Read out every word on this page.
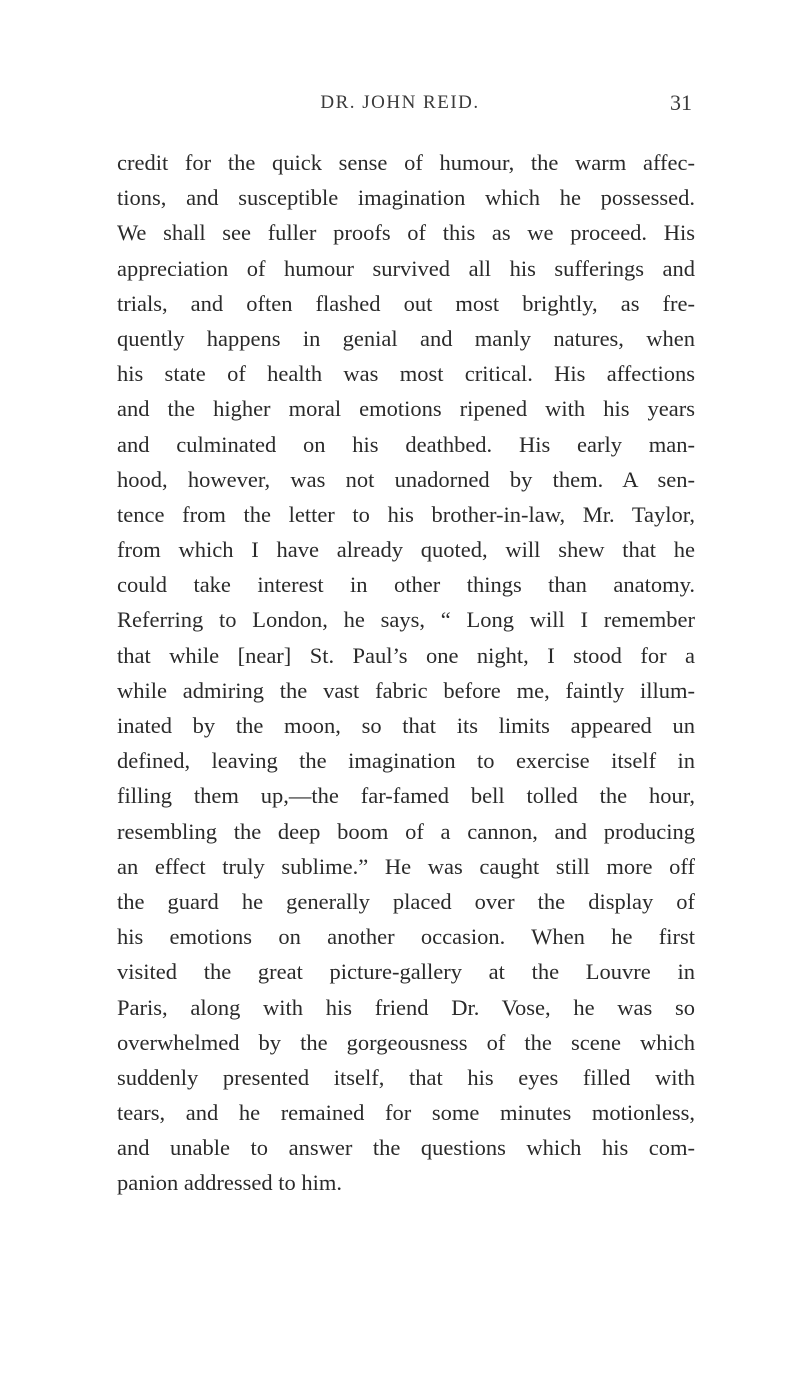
DR. JOHN REID.	31
credit for the quick sense of humour, the warm affec-
tions, and susceptible imagination which he possessed.
We shall see fuller proofs of this as we proceed. His
appreciation of humour survived all his sufferings and
trials, and often flashed out most brightly, as fre-
quently happens in genial and manly natures, when
his state of health was most critical. His affections
and the higher moral emotions ripened with his years
and culminated on his deathbed. His early man-
hood, however, was not unadorned by them. A sen-
tence from the letter to his brother-in-law, Mr. Taylor,
from which I have already quoted, will shew that he
could take interest in other things than anatomy.
Referring to London, he says, “ Long will I remember
that while [near] St. Paul’s one night, I stood for a
while admiring the vast fabric before me, faintly illum-
inated by the moon, so that its limits appeared un
defined, leaving the imagination to exercise itself in
filling them up,—the far-famed bell tolled the hour,
resembling the deep boom of a cannon, and producing
an effect truly sublime.” He was caught still more off
the guard he generally placed over the display of
his emotions on another occasion. When he first
visited the great picture-gallery at the Louvre in
Paris, along with his friend Dr. Vose, he was so
overwhelmed by the gorgeousness of the scene which
suddenly presented itself, that his eyes filled with
tears, and he remained for some minutes motionless,
and unable to answer the questions which his com-
panion addressed to him.
